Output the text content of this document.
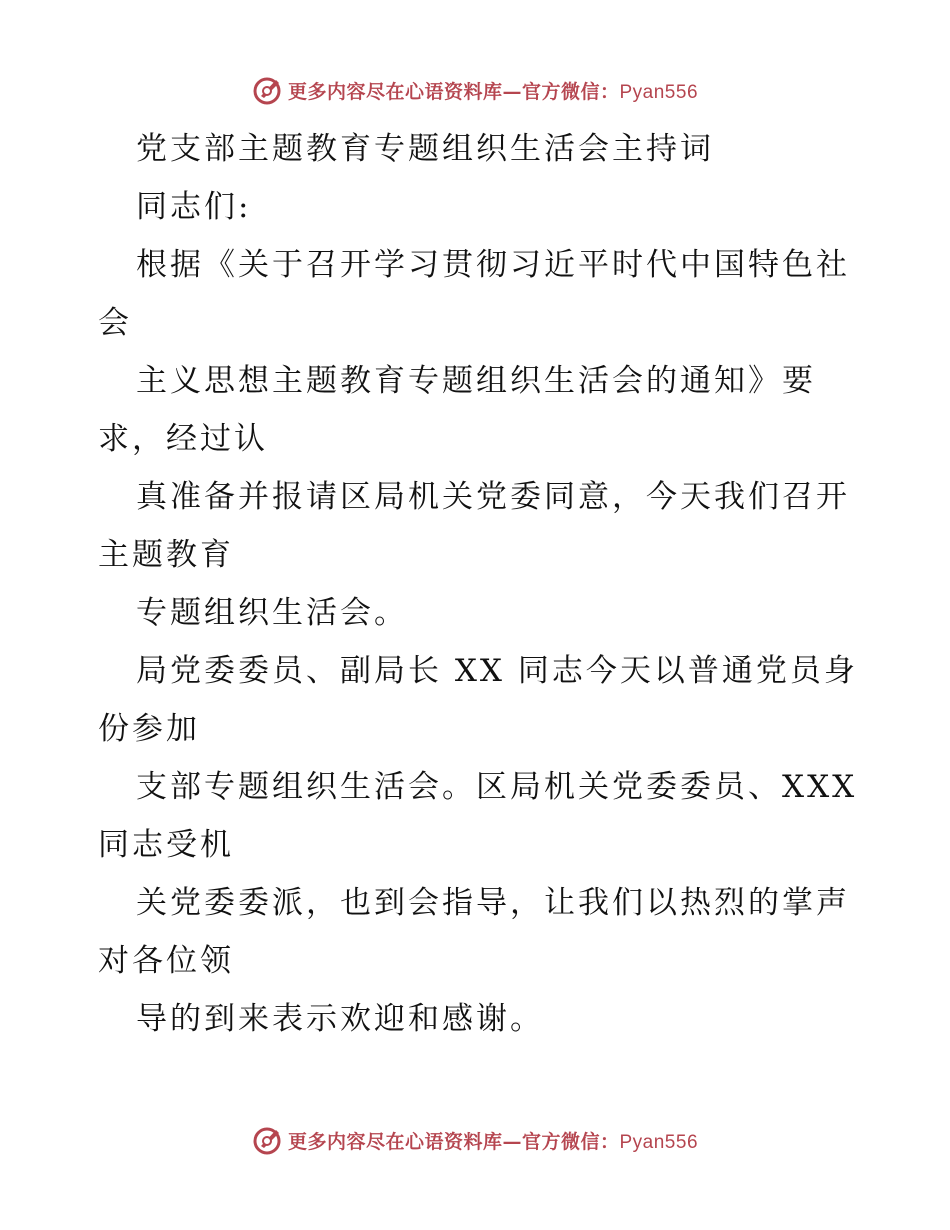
更多内容尽在心语资料库—官方微信：Pyan556
党支部主题教育专题组织生活会主持词
同志们:
根据《关于召开学习贯彻习近平时代中国特色社
会
主义思想主题教育专题组织生活会的通知》要
求，经过认
真准备并报请区局机关党委同意，今天我们召开
主题教育
专题组织生活会。
局党委委员、副局长 XX 同志今天以普通党员身
份参加
支部专题组织生活会。区局机关党委委员、XXX
同志受机
关党委委派，也到会指导，让我们以热烈的掌声
对各位领
导的到来表示欢迎和感谢。
更多内容尽在心语资料库—官方微信：Pyan556
